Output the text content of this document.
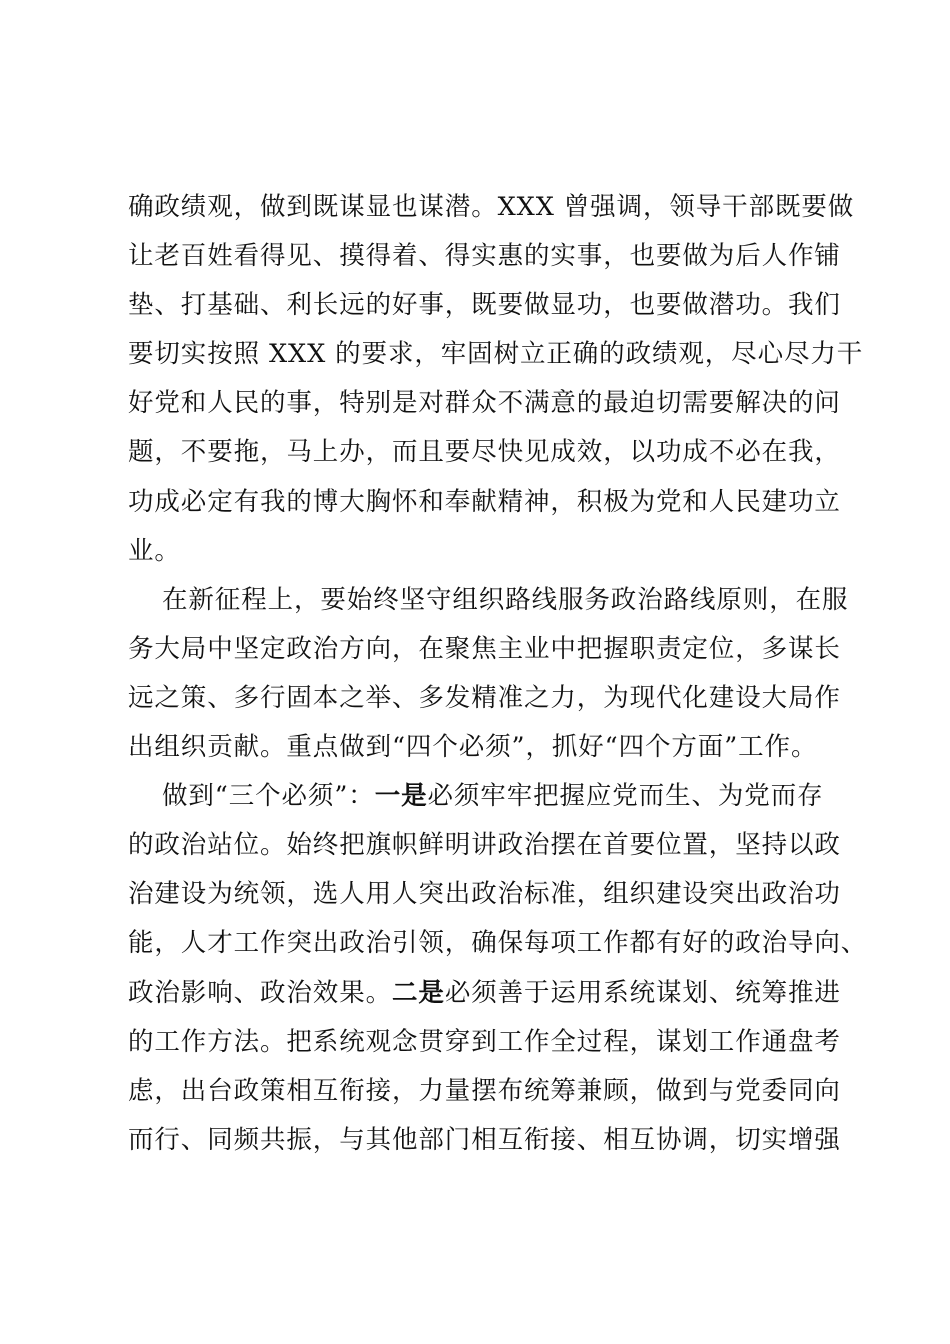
确政绩观，做到既谋显也谋潜。XXX 曾强调，领导干部既要做
让老百姓看得见、摸得着、得实惠的实事，也要做为后人作铺
垫、打基础、利长远的好事，既要做显功，也要做潜功。我们
要切实按照 XXX 的要求，牢固树立正确的政绩观，尽心尽力干
好党和人民的事，特别是对群众不满意的最迫切需要解决的问
题，不要拖，马上办，而且要尽快见成效，以功成不必在我，
功成必定有我的博大胸怀和奉献精神，积极为党和人民建功立
业。
在新征程上，要始终坚守组织路线服务政治路线原则，在服
务大局中坚定政治方向，在聚焦主业中把握职责定位，多谋长
远之策、多行固本之举、多发精准之力，为现代化建设大局作
出组织贡献。重点做到“四个必须”，抓好“四个方面”工作。
做到“三个必须”：一是必须牢牢把握应党而生、为党而存
的政治站位。始终把旗帜鲜明讲政治摆在首要位置，坚持以政
治建设为统领，选人用人突出政治标准，组织建设突出政治功
能，人才工作突出政治引领，确保每项工作都有好的政治导向、
政治影响、政治效果。二是必须善于运用系统谋划、统筹推进
的工作方法。把系统观念贯穿到工作全过程，谋划工作通盘考
虑，出台政策相互衔接，力量摆布统筹兼顾，做到与党委同向
而行、同频共振，与其他部门相互衔接、相互协调，切实增强
